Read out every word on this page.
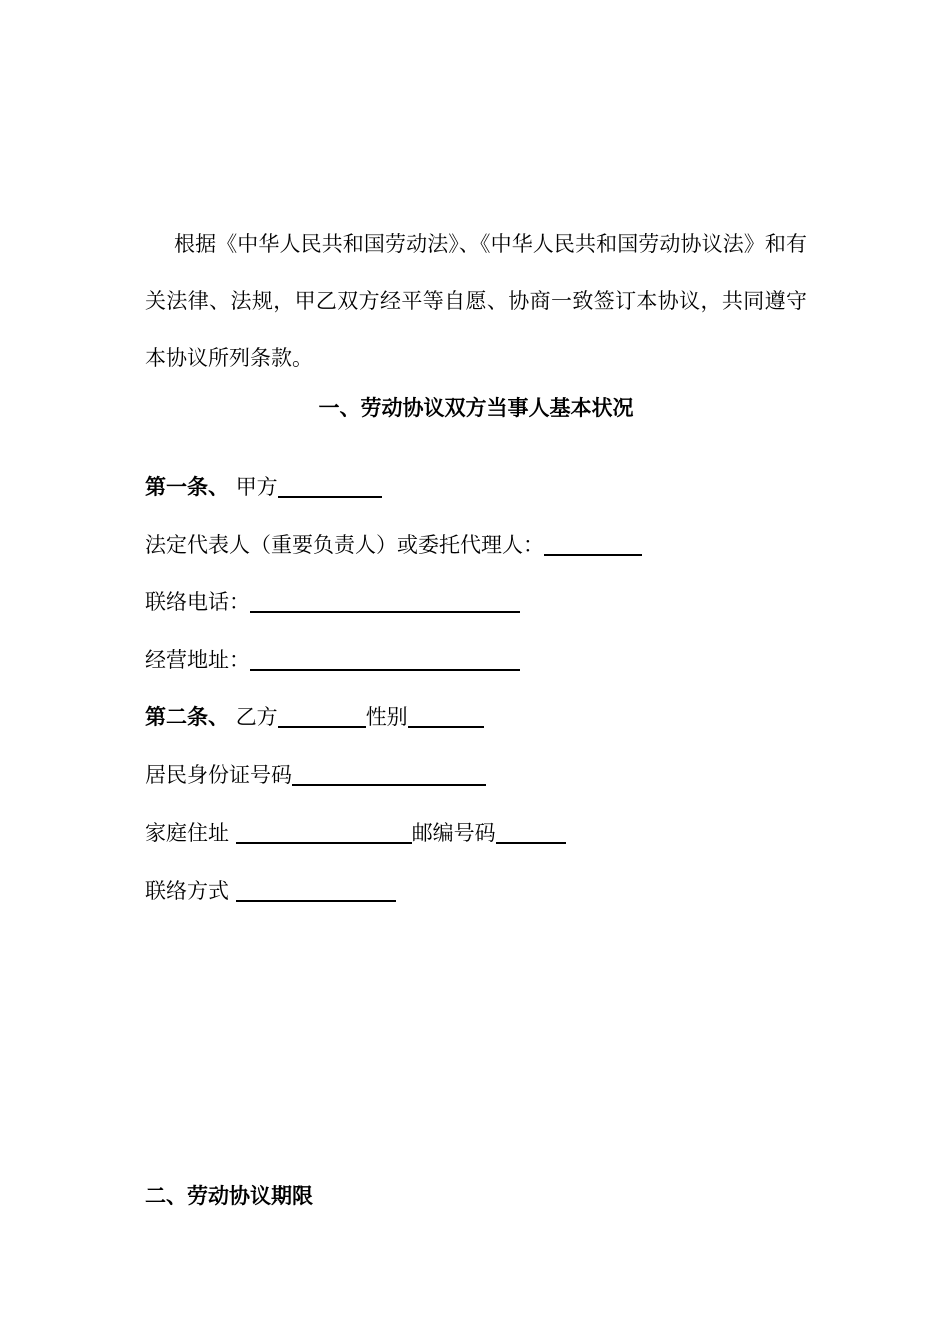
根据《中华人民共和国劳动法》、《中华人民共和国劳动协议法》和有关法律、法规，甲乙双方经平等自愿、协商一致签订本协议，共同遵守本协议所列条款。
一、劳动协议双方当事人基本状况
第一条、 甲方
法定代表人（重要负责人）或委托代理人：
联络电话：
经营地址：
第二条、 乙方	性别
居民身份证号码
家庭住址	邮编号码
联络方式
二、劳动协议期限
